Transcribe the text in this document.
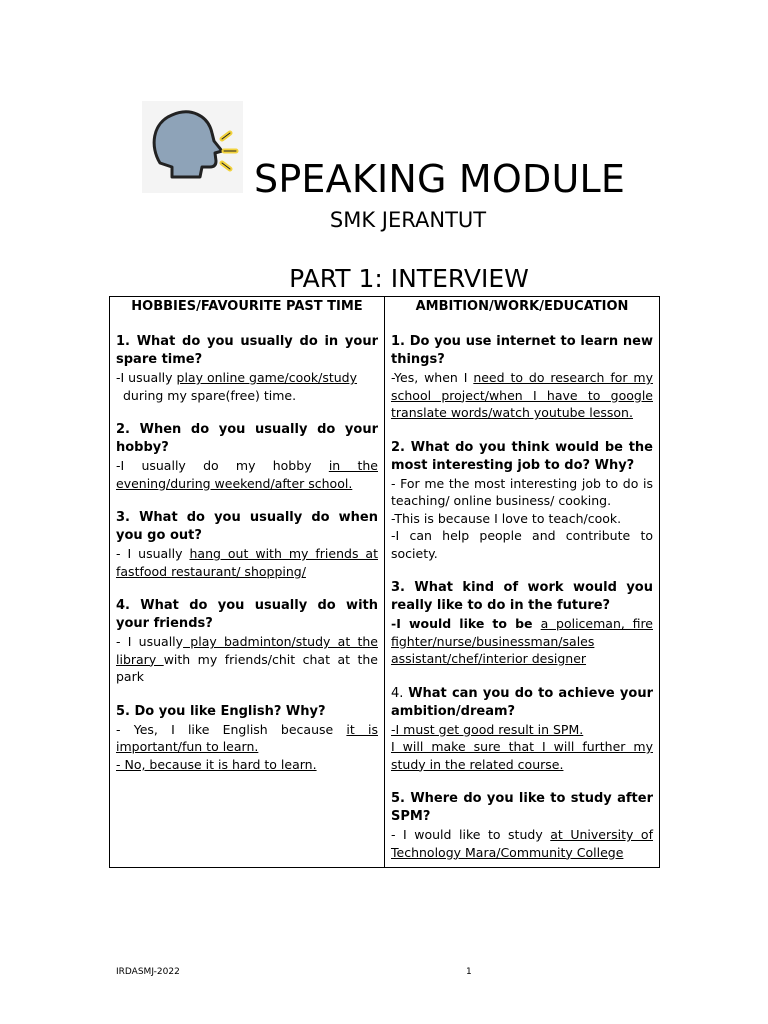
SPEAKING MODULE
SMK JERANTUT
PART 1: INTERVIEW

HOBBIES/FAVOURITE PAST TIME

1. What do you usually do in your spare time?

-I usually play online game/cook/study

during my spare(free) time.

2. When do you usually do your hobby?

-I usually do my hobby in the evening/during weekend/after school.

3. What do you usually do when you go out?

- I usually hang out with my friends at fastfood restaurant/ shopping/

4. What do you usually do with your friends?

- I usually play badminton/study at the library with my friends/chit chat at the park

5. Do you like English? Why?

- Yes, I like English because it is important/fun to learn.

- No, because it is hard to learn.

AMBITION/WORK/EDUCATION

1. Do you use internet to learn new things?

-Yes, when I need to do research for my school project/when I have to google translate words/watch youtube lesson.

2. What do you think would be the most interesting job to do? Why?

- For me the most interesting job to do is teaching/ online business/ cooking.

-This is because I love to teach/cook.

-I can help people and contribute to society.

3. What kind of work would you really like to do in the future?

-I would like to be a policeman, fire fighter/nurse/businessman/sales assistant/chef/interior designer

4. What can you do to achieve your ambition/dream?

-I must get good result in SPM.

I will make sure that I will further my study in the related course.

5. Where do you like to study after SPM?

- I would like to study at University of Technology Mara/Community College

IRDASMJ-2022	1
